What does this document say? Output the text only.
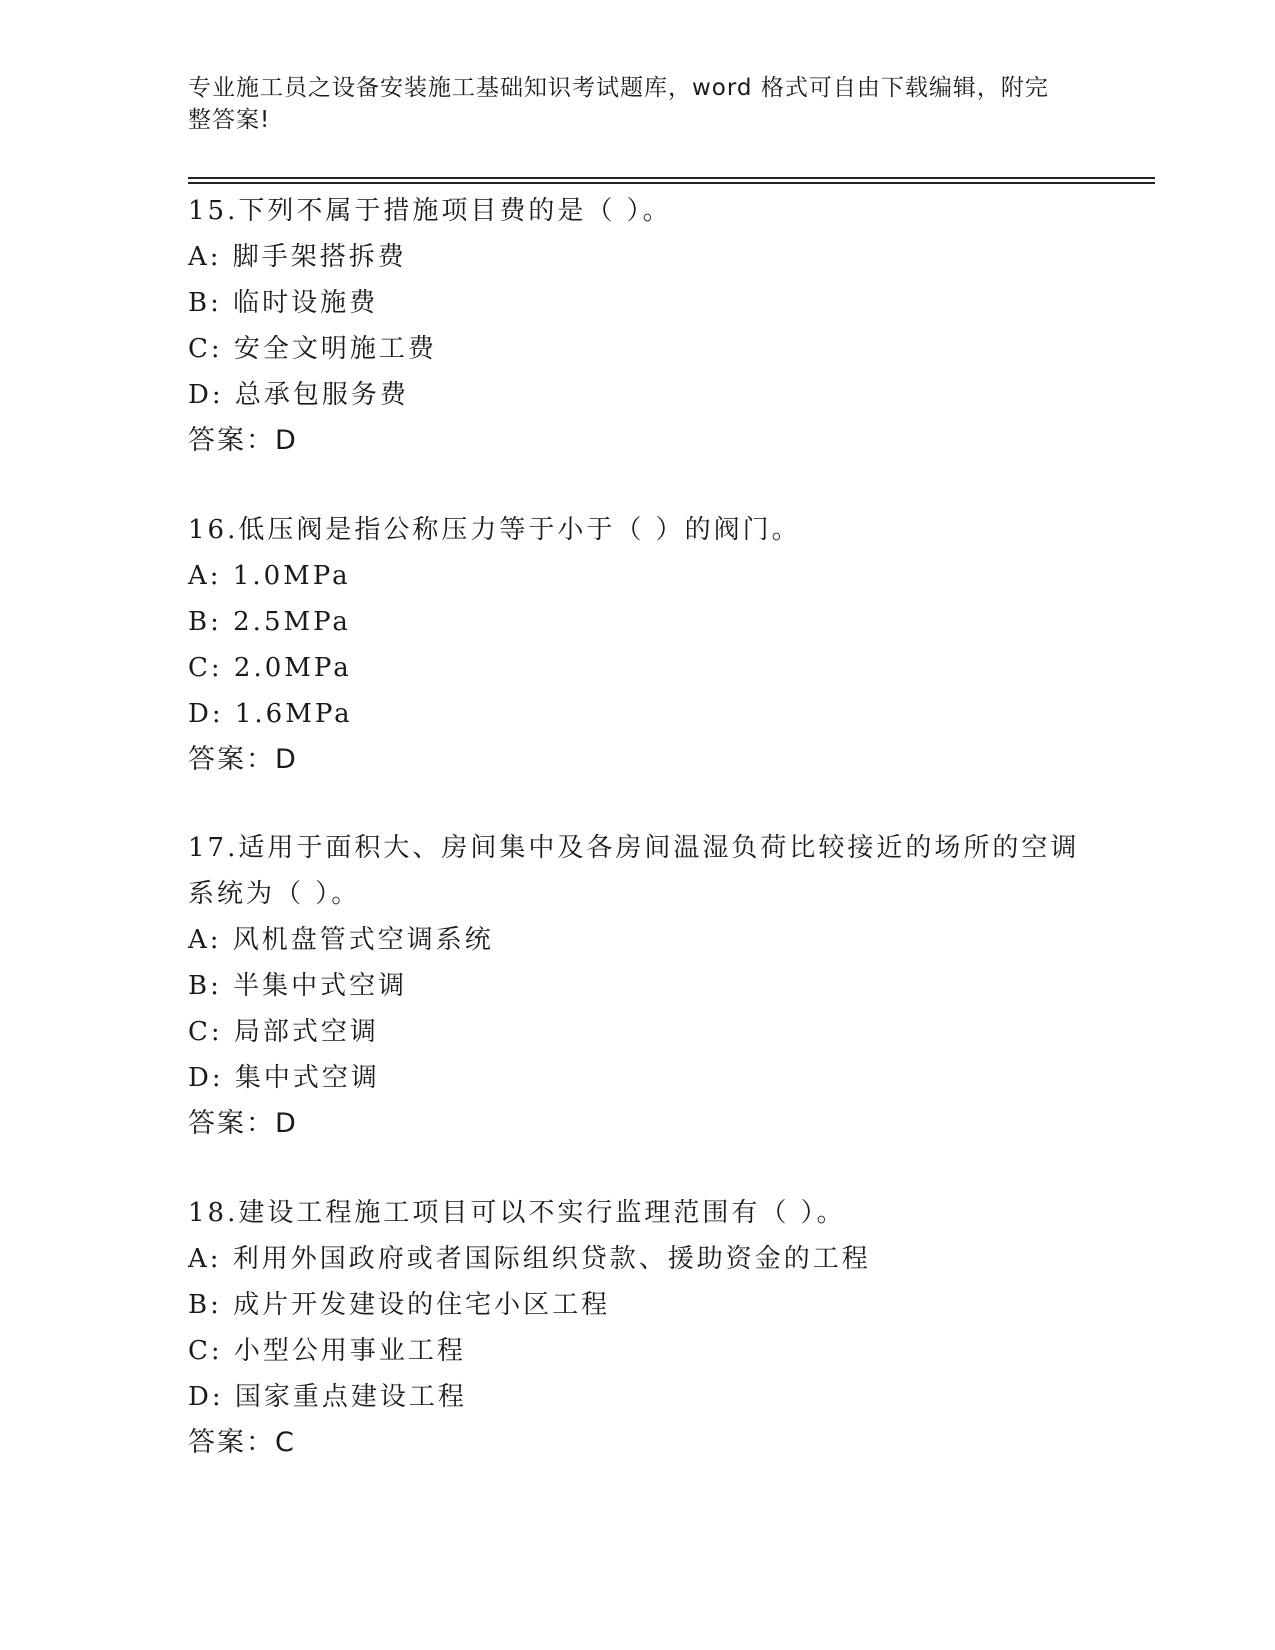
专业施工员之设备安装施工基础知识考试题库，word 格式可自由下载编辑，附完
整答案!
15.下列不属于措施项目费的是（ ）。
A: 脚手架搭拆费
B: 临时设施费
C: 安全文明施工费
D: 总承包服务费
答案：D
16.低压阀是指公称压力等于小于（ ）的阀门。
A: 1.0MPa
B: 2.5MPa
C: 2.0MPa
D: 1.6MPa
答案：D
17.适用于面积大、房间集中及各房间温湿负荷比较接近的场所的空调
系统为（ ）。
A: 风机盘管式空调系统
B: 半集中式空调
C: 局部式空调
D: 集中式空调
答案：D
18.建设工程施工项目可以不实行监理范围有（ ）。
A: 利用外国政府或者国际组织贷款、援助资金的工程
B: 成片开发建设的住宅小区工程
C: 小型公用事业工程
D: 国家重点建设工程
答案：C
